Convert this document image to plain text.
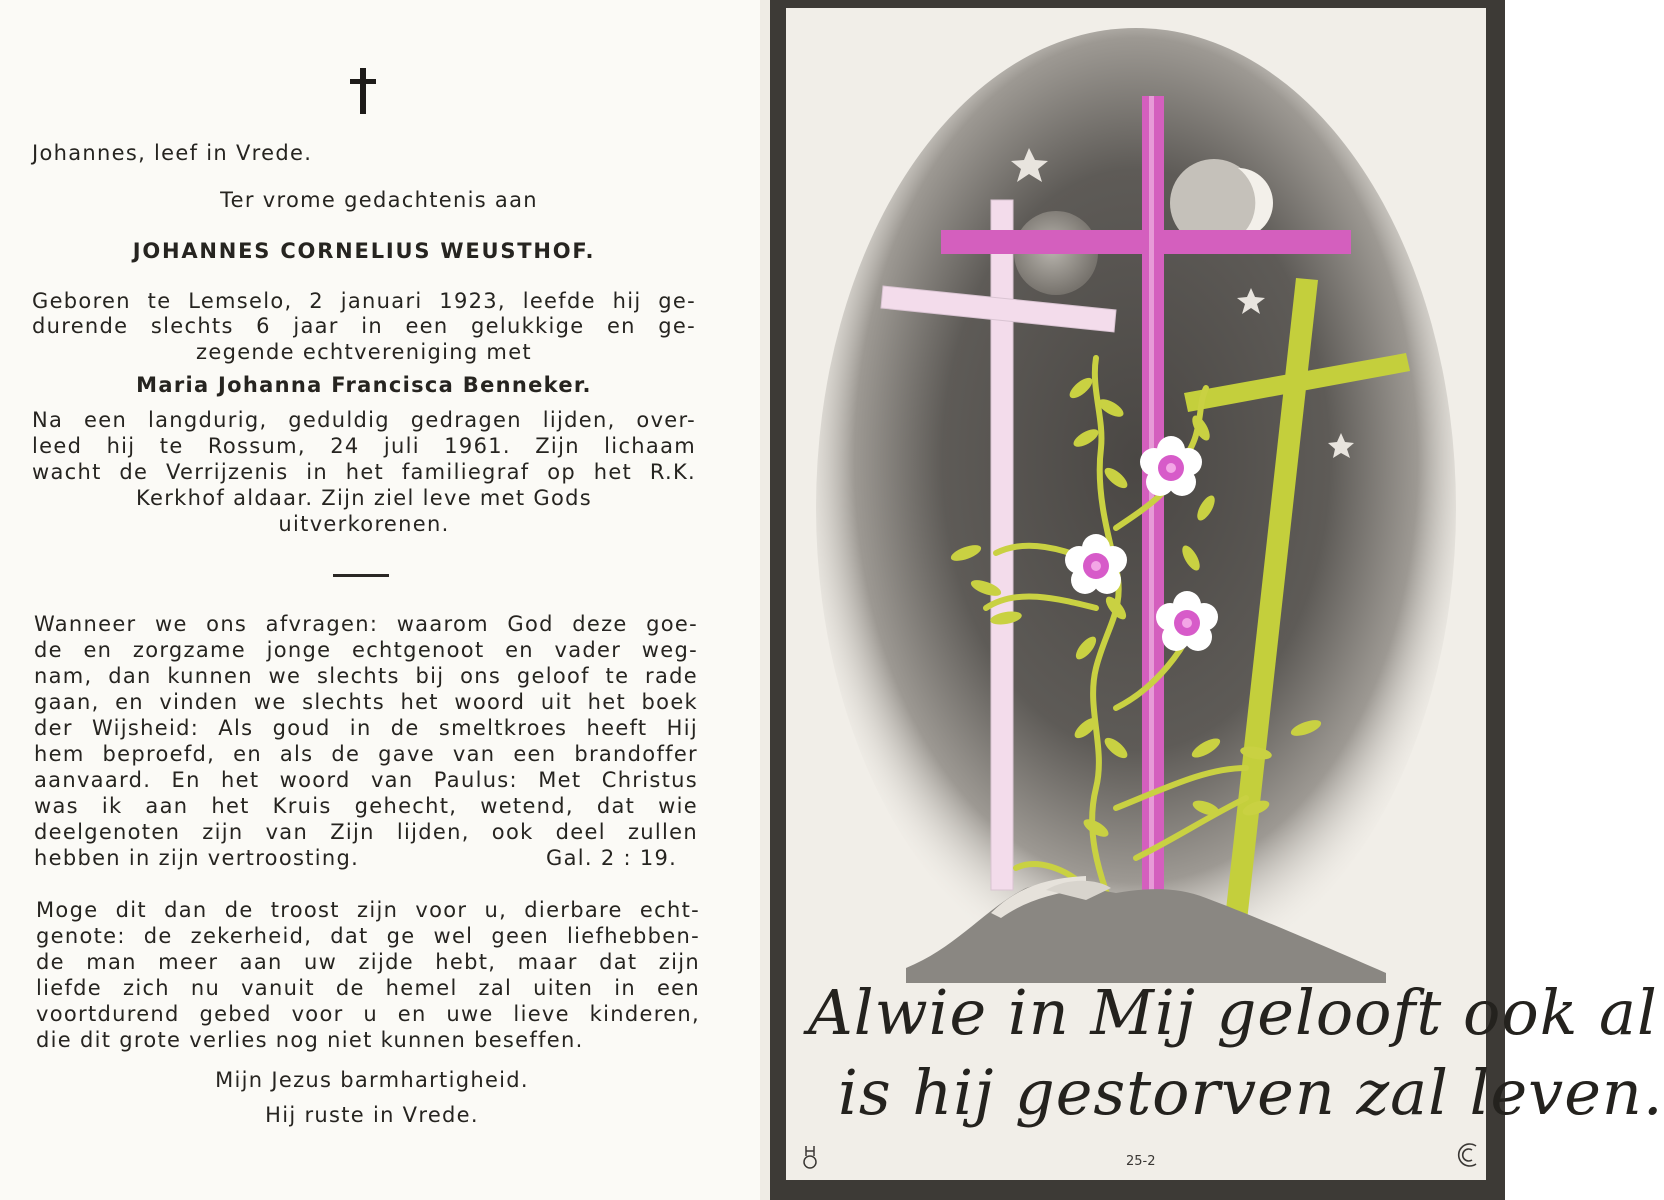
Johannes, leef in Vrede.
Ter vrome gedachtenis aan
JOHANNES CORNELIUS WEUSTHOF.
Geboren te Lemselo, 2 januari 1923, leefde hij ge-
durende slechts 6 jaar in een gelukkige en ge-
zegende echtvereniging met
Maria Johanna Francisca Benneker.
Na een langdurig, geduldig gedragen lijden, over-
leed hij te Rossum, 24 juli 1961. Zijn lichaam
wacht de Verrijzenis in het familiegraf op het R.K.
Kerkhof aldaar. Zijn ziel leve met Gods
uitverkorenen.
Wanneer we ons afvragen: waarom God deze goe-
de en zorgzame jonge echtgenoot en vader weg-
nam, dan kunnen we slechts bij ons geloof te rade
gaan, en vinden we slechts het woord uit het boek
der Wijsheid: Als goud in de smeltkroes heeft Hij
hem beproefd, en als de gave van een brandoffer
aanvaard. En het woord van Paulus: Met Christus
was ik aan het Kruis gehecht, wetend, dat wie
deelgenoten zijn van Zijn lijden, ook deel zullen
hebben in zijn vertroosting.	Gal. 2 : 19.
Moge dit dan de troost zijn voor u, dierbare echt-
genote: de zekerheid, dat ge wel geen liefhebben-
de man meer aan uw zijde hebt, maar dat zijn
liefde zich nu vanuit de hemel zal uiten in een
voortdurend gebed voor u en uwe lieve kinderen,
die dit grote verlies nog niet kunnen beseffen.
Mijn Jezus barmhartigheid.
Hij ruste in Vrede.
Alwie in Mij gelooft ook al
is hij gestorven zal leven.
25-2
